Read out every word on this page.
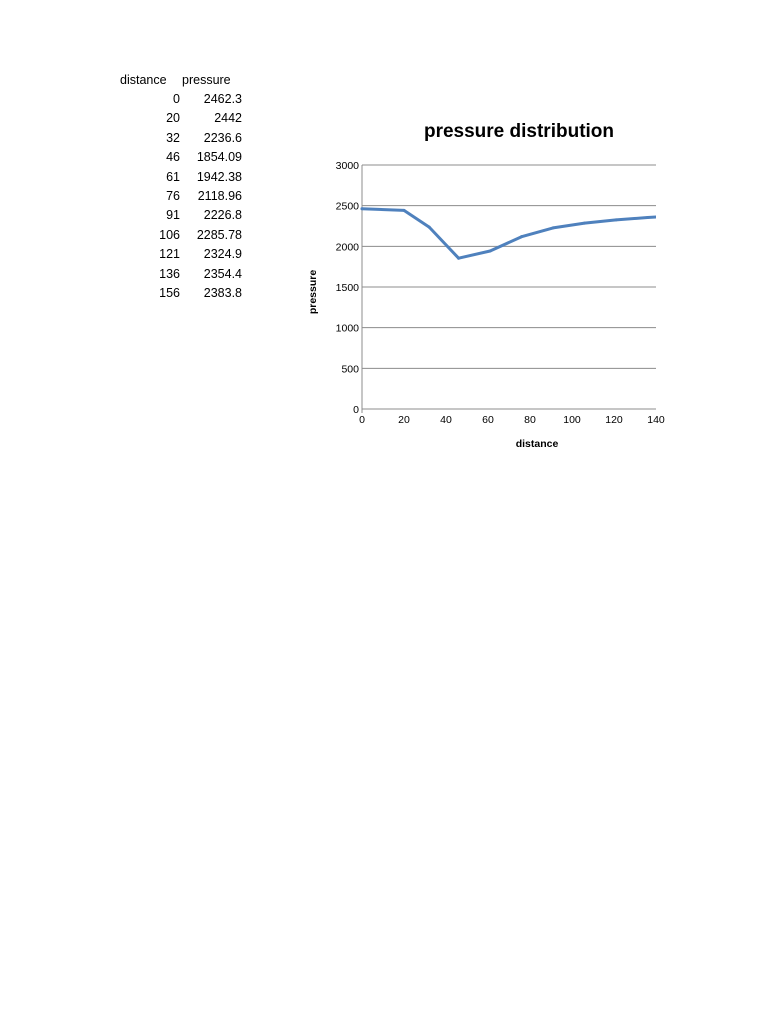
distance	pressure
0	2462.3
20	2442
32	2236.6
46	1854.09
61	1942.38
76	2118.96
91	2226.8
106	2285.78
121	2324.9
136	2354.4
156	2383.8
pressure distribution
0
500
1000
1500
2000
2500
3000
0	20	40	60	80	100 120 140
distance
pressure
